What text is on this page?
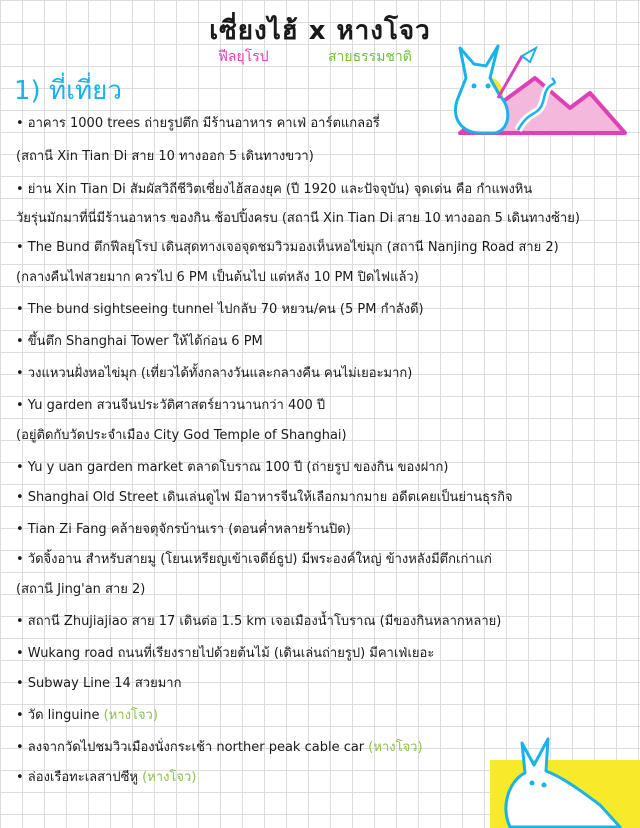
เซี่ยงไฮ้ x หางโจว
ฟีลยุโรป	สายธรรมชาติ
1) ที่เที่ยว
• อาคาร 1000 trees ถ่ายรูปตึก มีร้านอาหาร คาเฟ่ อาร์ตแกลอรี่
(สถานี Xin Tian Di สาย 10 ทางออก 5 เดินทางขวา)
• ย่าน Xin Tian Di สัมผัสวิถีชีวิตเซี่ยงไฮ้สองยุค (ปี 1920 และปัจจุบัน) จุดเด่น คือ กำแพงหิน
วัยรุ่นมักมาที่นี่มีร้านอาหาร ของกิน ช้อปปิ้งครบ (สถานี Xin Tian Di สาย 10 ทางออก 5 เดินทางซ้าย)
• The Bund ตึกฟีลยุโรป เดินสุดทางเจอจุดชมวิวมองเห็นหอไข่มุก (สถานี Nanjing Road สาย 2)
(กลางคืนไฟสวยมาก ควรไป 6 PM เป็นต้นไป แต่หลัง 10 PM ปิดไฟแล้ว)
• The bund sightseeing tunnel ไปกลับ 70 หยวน/คน (5 PM กำลังดี)
• ขึ้นตึก Shanghai Tower ให้ได้ก่อน 6 PM
• วงแหวนฝั่งหอไข่มุก (เที่ยวได้ทั้งกลางวันและกลางคืน คนไม่เยอะมาก)
• Yu garden สวนจีนประวัติศาสตร์ยาวนานกว่า 400 ปี
(อยู่ติดกับวัดประจำเมือง City God Temple of Shanghai)
• Yu y uan garden market ตลาดโบราณ 100 ปี (ถ่ายรูป ของกิน ของฝาก)
• Shanghai Old Street เดินเล่นดูไฟ มีอาหารจีนให้เลือกมากมาย อดีตเคยเป็นย่านธุรกิจ
• Tian Zi Fang คล้ายจตุจักรบ้านเรา (ตอนค่ำหลายร้านปิด)
• วัดจิ้งอาน สำหรับสายมู (โยนเหรียญเข้าเจดีย์ธูป) มีพระองค์ใหญ่ ข้างหลังมีตึกเก่าแก่
(สถานี Jing'an สาย 2)
• สถานี Zhujiajiao สาย 17 เดินต่อ 1.5 km เจอเมืองน้ำโบราณ (มีของกินหลากหลาย)
• Wukang road ถนนที่เรียงรายไปด้วยต้นไม้ (เดินเล่นถ่ายรูป) มีคาเฟ่เยอะ
• Subway Line 14 สวยมาก
• วัด linguine (หางโจว)
• ลงจากวัดไปชมวิวเมืองนั่งกระเช้า norther peak cable car (หางโจว)
• ล่องเรือทะเลสาปซีหู (หางโจว)
